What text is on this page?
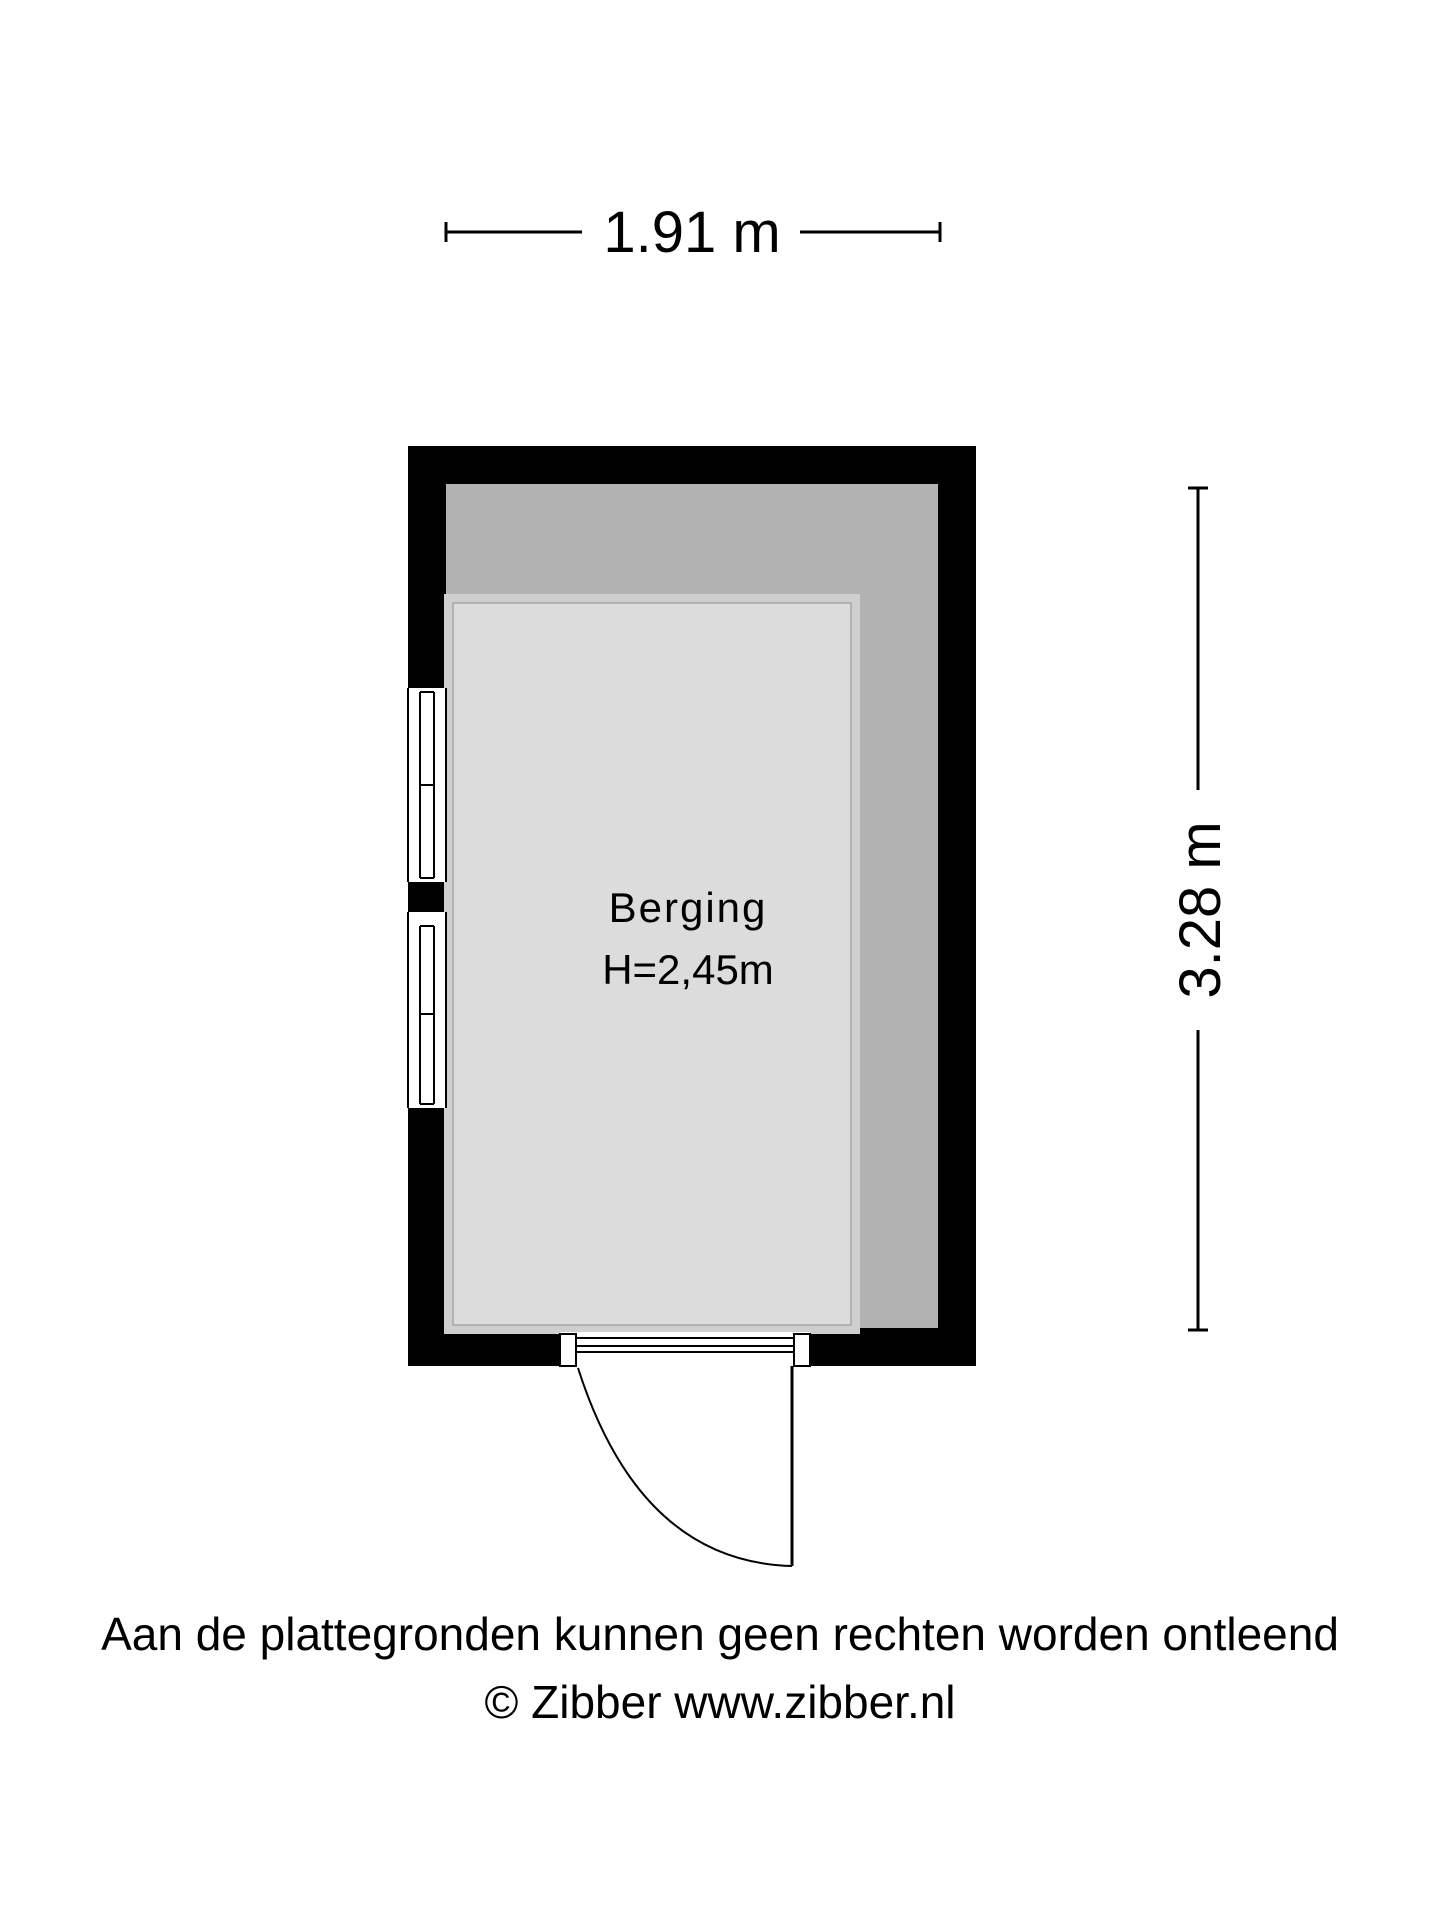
1.91 m
3.28 m
Berging
H=2,45m
Aan de plattegronden kunnen geen rechten worden ontleend
© Zibber www.zibber.nl
